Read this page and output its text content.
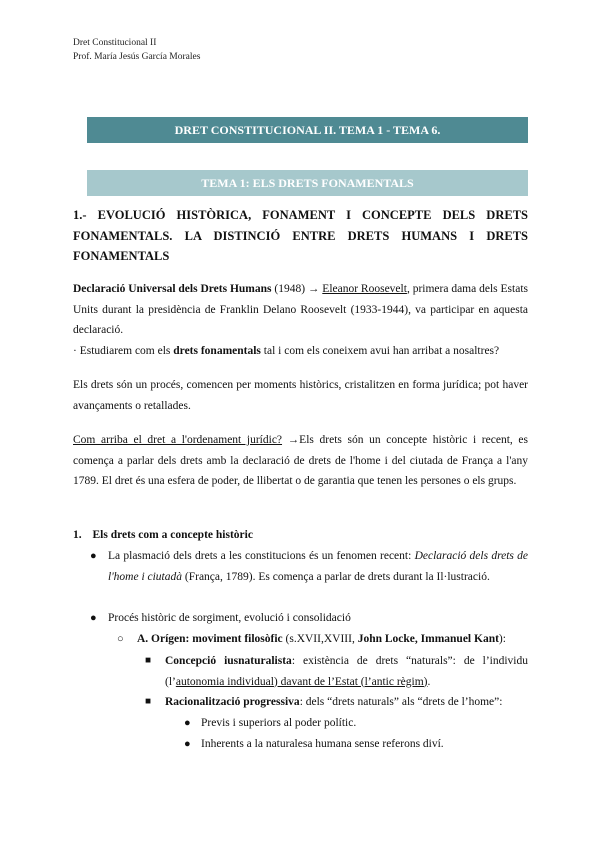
Dret Constitucional II
Prof. María Jesús García Morales
DRET CONSTITUCIONAL II. TEMA 1 - TEMA 6.
TEMA 1: ELS DRETS FONAMENTALS
1.- EVOLUCIÓ HISTÒRICA, FONAMENT I CONCEPTE DELS DRETS FONAMENTALS. LA DISTINCIÓ ENTRE DRETS HUMANS I DRETS FONAMENTALS
Declaració Universal dels Drets Humans (1948) → Eleanor Roosevelt, primera dama dels Estats Units durant la presidència de Franklin Delano Roosevelt (1933-1944), va participar en aquesta declaració.
· Estudiarem com els drets fonamentals tal i com els coneixem avui han arribat a nosaltres?
Els drets són un procés, comencen per moments històrics, cristalitzen en forma jurídica; pot haver avançaments o retallades.
Com arriba el dret a l'ordenament jurídic? →Els drets són un concepte històric i recent, es comença a parlar dels drets amb la declaració de drets de l'home i del ciutada de França a l'any 1789. El dret és una esfera de poder, de llibertat o de garantia que tenen les persones o els grups.
1. Els drets com a concepte històric
● La plasmació dels drets a les constitucions és un fenomen recent: Declaració dels drets de l'home i ciutadà (França, 1789). Es comença a parlar de drets durant la Il·lustració.
● Procés històric de sorgiment, evolució i consolidació
○ A. Orígen: moviment filosòfic (s.XVII,XVIII, John Locke, Immanuel Kant):
■ Concepció iusnaturalista: existència de drets “naturals”: de l’individu (l’autonomia individual) davant de l’Estat (l’antic règim).
■ Racionalització progressiva: dels “drets naturals” als “drets de l’home”:
● Previs i superiors al poder polític.
● Inherents a la naturalesa humana sense referons diví.
